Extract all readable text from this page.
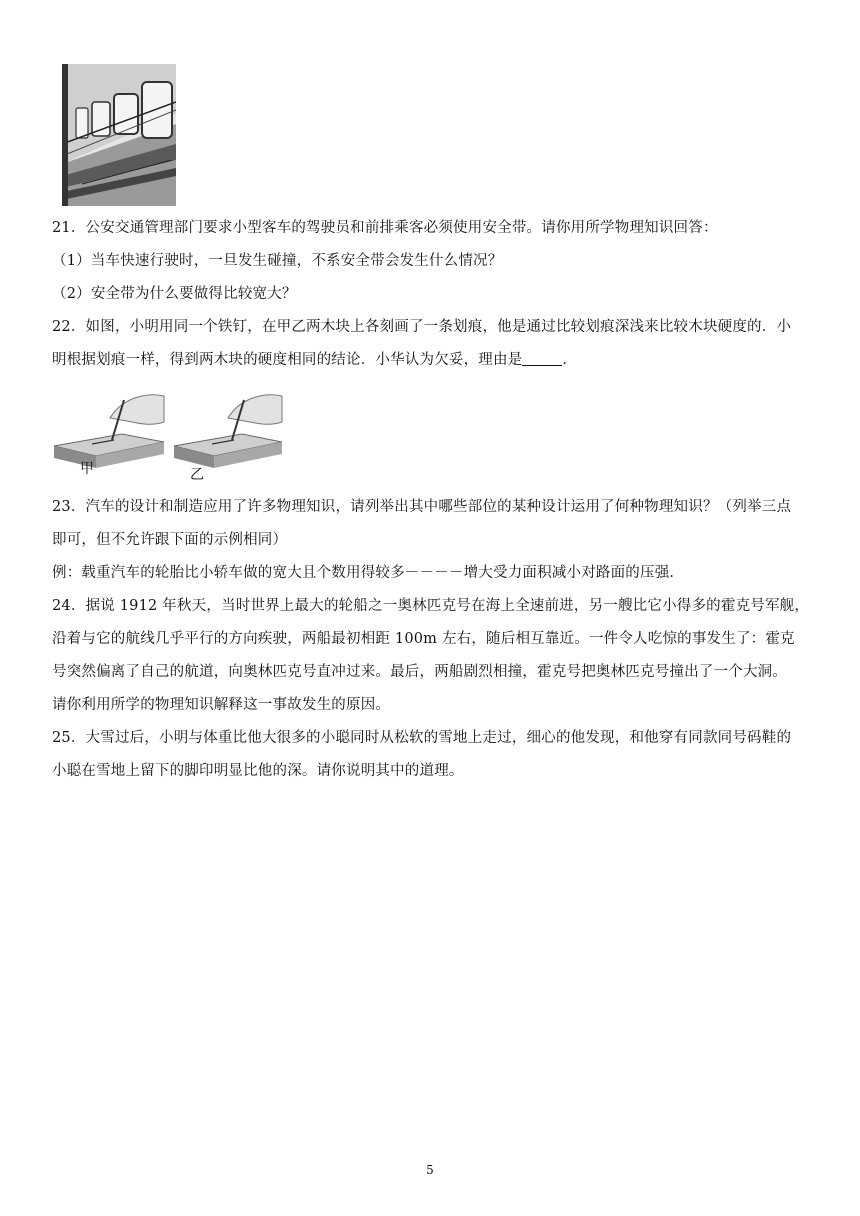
21．公安交通管理部门要求小型客车的驾驶员和前排乘客必须使用安全带。请你用所学物理知识回答：
（1）当车快速行驶时，一旦发生碰撞，不系安全带会发生什么情况？
（2）安全带为什么要做得比较宽大？
22．如图，小明用同一个铁钉，在甲乙两木块上各刻画了一条划痕，他是通过比较划痕深浅来比较木块硬度的．小
明根据划痕一样，得到两木块的硬度相同的结论．小华认为欠妥，理由是	．
甲	乙
23．汽车的设计和制造应用了许多物理知识，请列举出其中哪些部位的某种设计运用了何种物理知识？（列举三点
即可，但不允许跟下面的示例相同）
例：载重汽车的轮胎比小轿车做的宽大且个数用得较多－－－－增大受力面积减小对路面的压强．
24．据说 1912 年秋天，当时世界上最大的轮船之一奥林匹克号在海上全速前进，另一艘比它小得多的霍克号军舰，
沿着与它的航线几乎平行的方向疾驶，两船最初相距 100m 左右，随后相互靠近。一件令人吃惊的事发生了：霍克
号突然偏离了自己的航道，向奥林匹克号直冲过来。最后，两船剧烈相撞，霍克号把奥林匹克号撞出了一个大洞。
请你利用所学的物理知识解释这一事故发生的原因。
25．大雪过后，小明与体重比他大很多的小聪同时从松软的雪地上走过，细心的他发现，和他穿有同款同号码鞋的
小聪在雪地上留下的脚印明显比他的深。请你说明其中的道理。
5
